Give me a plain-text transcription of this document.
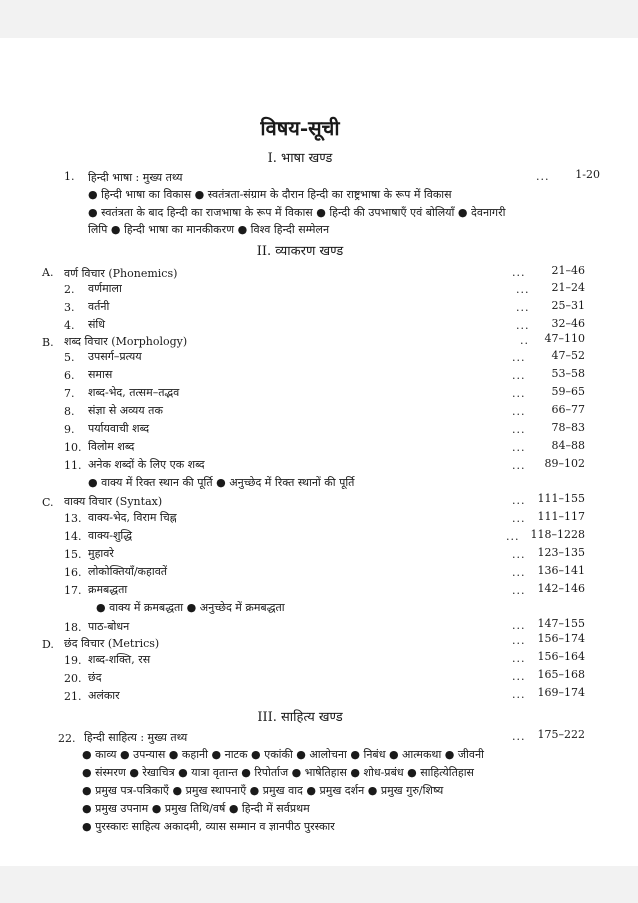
विषय-सूची
I. भाषा खण्ड
1. हिन्दी भाषा : मुख्य तथ्य	...	1-20
● हिन्दी भाषा का विकास ● स्वतंत्रता-संग्राम के दौरान हिन्दी का राष्ट्रभाषा के रूप में विकास
● स्वतंत्रता के बाद हिन्दी का राजभाषा के रूप में विकास ● हिन्दी की उपभाषाएँ एवं बोलियाँ ● देवनागरी
लिपि ● हिन्दी भाषा का मानकीकरण ● विश्व हिन्दी सम्मेलन
II. व्याकरण खण्ड
A. वर्ण विचार (Phonemics)	...	21–46
2. वर्णमाला	...	21–24
3. वर्तनी	...	25–31
4. संधि	...	32–46
B. शब्द विचार (Morphology)	..	47–110
5. उपसर्ग–प्रत्यय	...	47–52
6. समास	...	53–58
7. शब्द-भेद, तत्सम–तद्भव	...	59–65
8. संज्ञा से अव्यय तक	...	66–77
9. पर्यायवाची शब्द	...	78–83
10. विलोम शब्द	...	84–88
11. अनेक शब्दों के लिए एक शब्द	...	89–102
● वाक्य में रिक्त स्थान की पूर्ति ● अनुच्छेद में रिक्त स्थानों की पूर्ति
C. वाक्य विचार (Syntax)	...	111–155
13. वाक्य-भेद, विराम चिह्न	...	111–117
14. वाक्य-शुद्धि	...	118–1228
15. मुहावरे	...	123–135
16. लोकोक्तियाँ/कहावतें	...	136–141
17. क्रमबद्धता	...	142–146
● वाक्य में क्रमबद्धता ● अनुच्छेद में क्रमबद्धता
18. पाठ-बोधन	...	147–155
D. छंद विचार (Metrics)	...	156–174
19. शब्द-शक्ति, रस	...	156–164
20. छंद	...	165–168
21. अलंकार	...	169–174
III. साहित्य खण्ड
22. हिन्दी साहित्य : मुख्य तथ्य	...	175–222
● काव्य ● उपन्यास ● कहानी ● नाटक ● एकांकी ● आलोचना ● निबंध ● आत्मकथा ● जीवनी
● संस्मरण ● रेखाचित्र ● यात्रा वृतान्त ● रिपोर्ताज ● भाषेतिहास ● शोध-प्रबंध ● साहित्येतिहास
● प्रमुख पत्र-पत्रिकाएँ ● प्रमुख स्थापनाएँ ● प्रमुख वाद ● प्रमुख दर्शन ● प्रमुख गुरु/शिष्य
● प्रमुख उपनाम ● प्रमुख तिथि/वर्ष ● हिन्दी में सर्वप्रथम
● पुरस्कारः साहित्य अकादमी, व्यास सम्मान व ज्ञानपीठ पुरस्कार
